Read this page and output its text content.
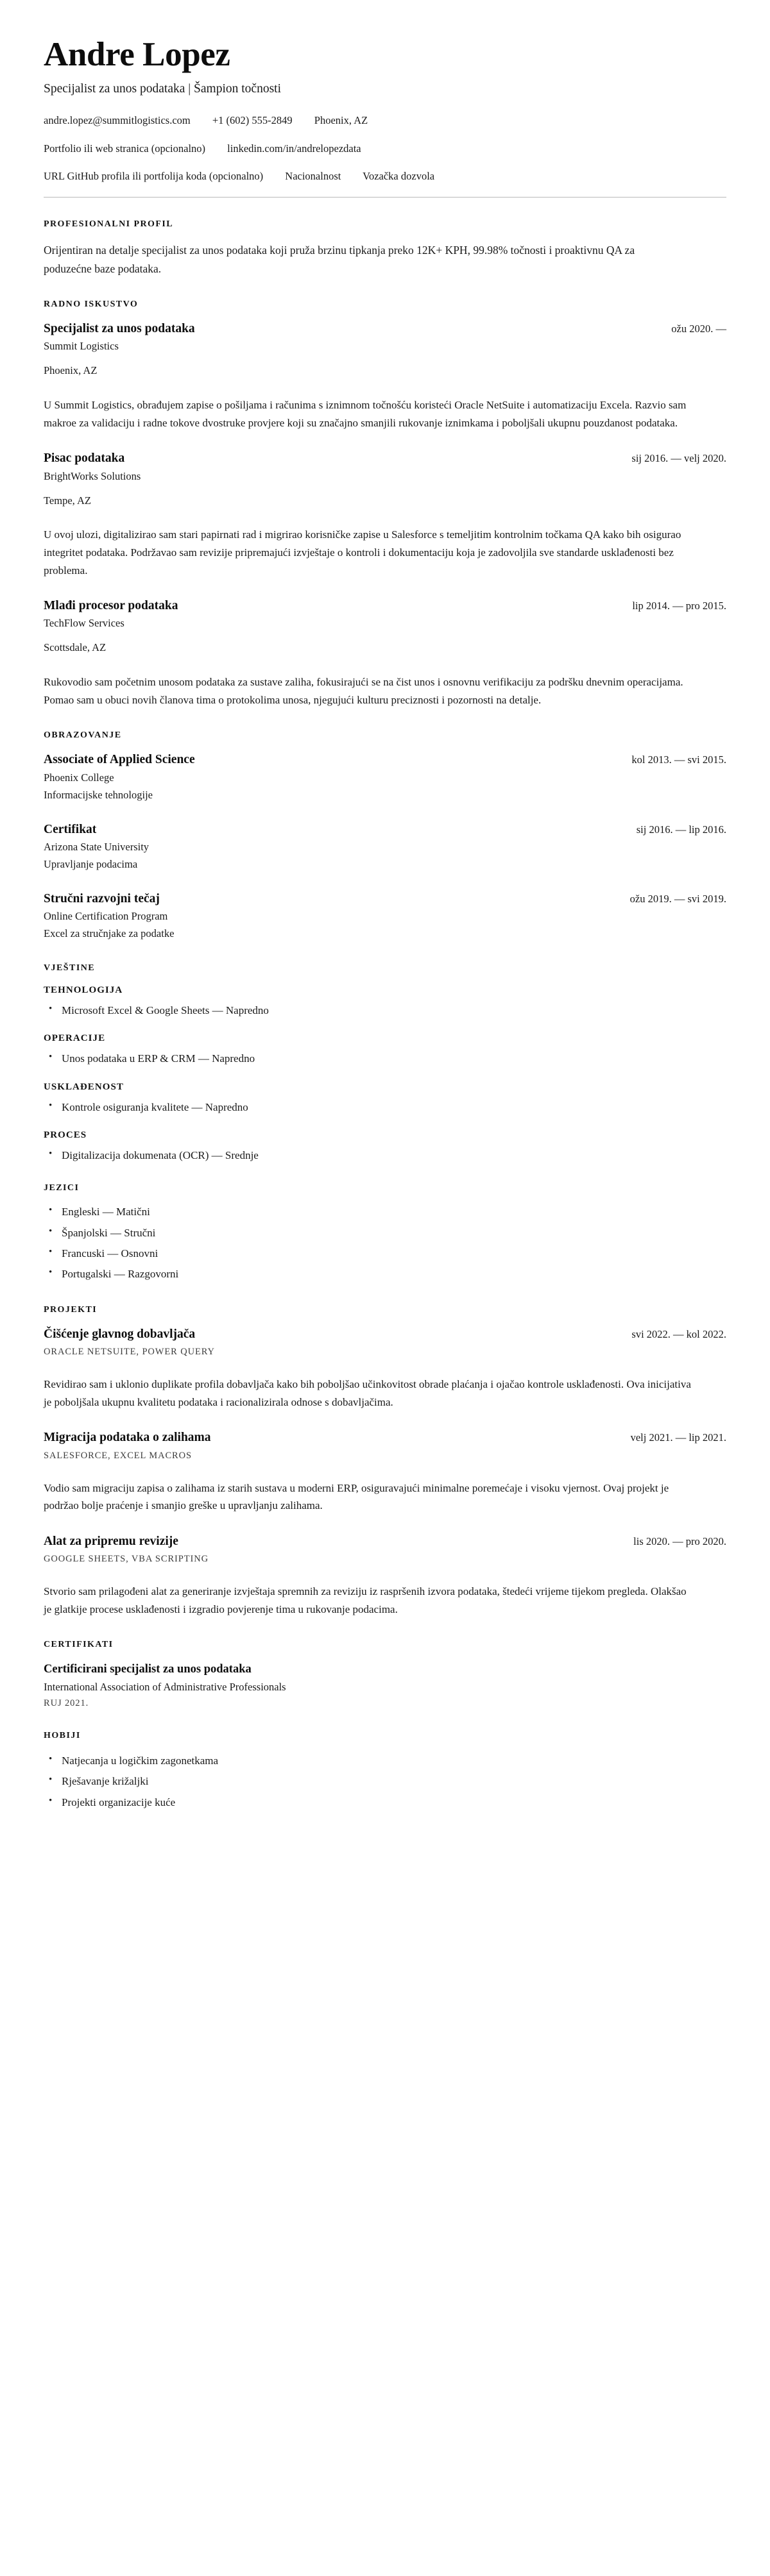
Andre Lopez

Specijalist za unos podataka | Šampion točnosti

andre.lopez@summitlogistics.com +1 (602) 555-2849 Phoenix, AZ
Portfolio ili web stranica (opcionalno) linkedin.com/in/andrelopezdata
URL GitHub profila ili portfolija koda (opcionalno) Nacionalnost Vozačka dozvola
PROFESIONALNI PROFIL

Orijentiran na detalje specijalist za unos podataka koji pruža brzinu tipkanja preko 12K+ KPH, 99.98% točnosti i proaktivnu QA za poduzećne baze podataka.

RADNO ISKUSTVO
Specijalist za unos podataka	ožu 2020. —

Summit Logistics

Phoenix, AZ

U Summit Logistics, obrađujem zapise o pošiljama i računima s iznimnom točnošću koristeći Oracle NetSuite i automatizaciju Excela. Razvio sam makroe za validaciju i radne tokove dvostruke provjere koji su značajno smanjili rukovanje iznimkama i poboljšali ukupnu pouzdanost podataka.

Pisac podataka	sij 2016. — velj 2020.

BrightWorks Solutions

Tempe, AZ

U ovoj ulozi, digitalizirao sam stari papirnati rad i migrirao korisničke zapise u Salesforce s temeljitim kontrolnim točkama QA kako bih osigurao integritet podataka. Podržavao sam revizije pripremajući izvještaje o kontroli i dokumentaciju koja je zadovoljila sve standarde usklađenosti bez problema.

Mlađi procesor podataka	lip 2014. — pro 2015.

TechFlow Services

Scottsdale, AZ

Rukovodio sam početnim unosom podataka za sustave zaliha, fokusirajući se na čist unos i osnovnu verifikaciju za podršku dnevnim operacijama. Pomao sam u obuci novih članova tima o protokolima unosa, njegujući kulturu preciznosti i pozornosti na detalje.

OBRAZOVANJE
Associate of Applied Science	kol 2013. — svi 2015.

Phoenix College

Informacijske tehnologije

Certifikat	sij 2016. — lip 2016.

Arizona State University

Upravljanje podacima

Stručni razvojni tečaj	ožu 2019. — svi 2019.

Online Certification Program

Excel za stručnjake za podatke

VJEŠTINE
TEHNOLOGIJA
• Microsoft Excel & Google Sheets — Napredno
OPERACIJE
• Unos podataka u ERP & CRM — Napredno
USKLAĐENOST
• Kontrole osiguranja kvalitete — Napredno
PROCES
• Digitalizacija dokumenata (OCR) — Srednje
JEZICI
• Engleski — Matični
• Španjolski — Stručni
• Francuski — Osnovni
• Portugalski — Razgovorni
PROJEKTI
Čišćenje glavnog dobavljača	svi 2022. — kol 2022.

ORACLE NETSUITE, POWER QUERY

Revidirao sam i uklonio duplikate profila dobavljača kako bih poboljšao učinkovitost obrade plaćanja i ojačao kontrole usklađenosti. Ova inicijativa je poboljšala ukupnu kvalitetu podataka i racionalizirala odnose s dobavljačima.

Migracija podataka o zalihama	velj 2021. — lip 2021.

SALESFORCE, EXCEL MACROS

Vodio sam migraciju zapisa o zalihama iz starih sustava u moderni ERP, osiguravajući minimalne poremećaje i visoku vjernost. Ovaj projekt je podržao bolje praćenje i smanjio greške u upravljanju zalihama.

Alat za pripremu revizije	lis 2020. — pro 2020.

GOOGLE SHEETS, VBA SCRIPTING

Stvorio sam prilagođeni alat za generiranje izvještaja spremnih za reviziju iz raspršenih izvora podataka, štedeći vrijeme tijekom pregleda. Olakšao je glatkije procese usklađenosti i izgradio povjerenje tima u rukovanje podacima.

CERTIFIKATI
Certificirani specijalist za unos podataka

International Association of Administrative Professionals

RUJ 2021.

HOBIJI
• Natjecanja u logičkim zagonetkama
• Rješavanje križaljki
• Projekti organizacije kuće
